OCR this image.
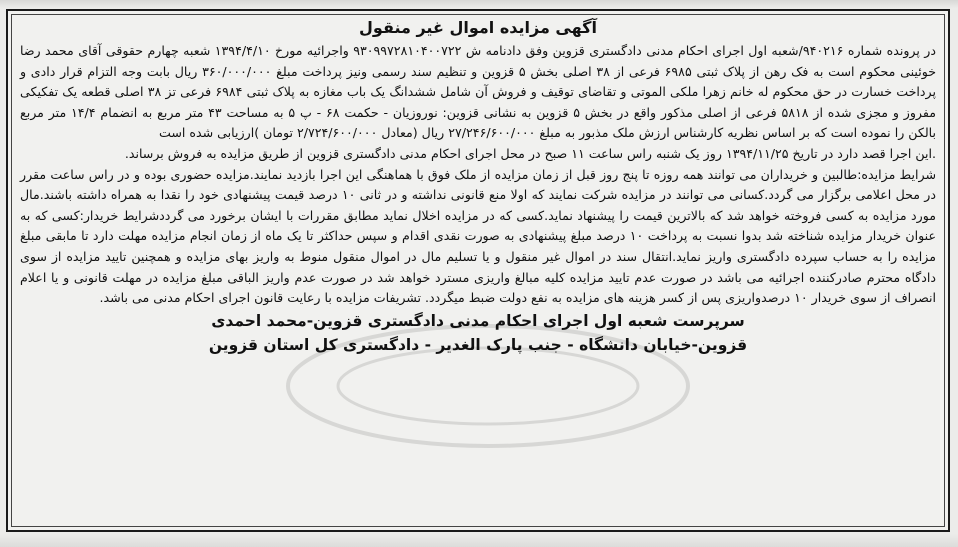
آگهی مزایده اموال غیر منقول

در پرونده شماره ۹۴۰۲۱۶/شعبه اول اجرای احکام مدنی دادگستری قزوین وفق دادنامه ش ۹۳۰۹۹۷۲۸۱۰۴۰۰۷۲۲ واجرائیه مورخ ۱۳۹۴/۴/۱۰ شعبه چهارم حقوقی آقای محمد رضا خوئینی محکوم است به فک رهن از پلاک ثبتی ۶۹۸۵ فرعی از ۳۸ اصلی بخش ۵ قزوین و تنظیم سند رسمی ونیز پرداخت مبلغ ۳۶۰/۰۰۰/۰۰۰ ریال بابت وجه التزام قرار دادی و پرداخت خسارت در حق محکوم له خانم زهرا ملکی الموتی و تقاضای توقیف و فروش آن شامل ششدانگ یک باب مغازه به پلاک ثبتی ۶۹۸۴ فرعی تز ۳۸ اصلی قطعه یک تفکیکی مفروز و مجزی شده از ۵۸۱۸ فرعی از اصلی مذکور واقع در بخش ۵ قزوین به نشانی قزوین: نوروزیان - حکمت ۶۸ - پ ۵ به مساحت ۴۳ متر مربع به انضمام ۱۴/۴ متر مربع بالکن را نموده است که بر اساس نظریه کارشناس ارزش ملک مذبور به مبلغ ۲۷/۲۴۶/۶۰۰/۰۰۰ ریال (معادل ۲/۷۲۴/۶۰۰/۰۰۰ تومان )ارزیابی شده است

.این اجرا قصد دارد در تاریخ ۱۳۹۴/۱۱/۲۵ روز یک شنبه راس ساعت ۱۱ صبح در محل اجرای احکام مدنی دادگستری قزوین از طریق مزایده به فروش برساند.

شرایط مزایده:طالبین و خریداران می توانند همه روزه تا پنج روز قبل از زمان مزایده از ملک فوق با هماهنگی این اجرا بازدید نمایند.مزایده حضوری بوده و در راس ساعت مقرر در محل اعلامی برگزار می گردد.کسانی می توانند در مزایده شرکت نمایند که اولا منع قانونی نداشته و در ثانی ۱۰ درصد قیمت پیشنهادی خود را نقدا به همراه داشته باشند.مال مورد مزایده به کسی فروخته خواهد شد که بالاترین قیمت را پیشنهاد نماید.کسی که در مزایده اخلال نماید مطابق مقررات با ایشان برخورد می گردد‌شرایط خریدار:کسی که به عنوان خریدار مزایده شناخته شد بدوا نسبت به پرداخت ۱۰ درصد مبلغ پیشنهادی به صورت نقدی اقدام و سپس حداکثر تا یک ماه از زمان انجام مزایده مهلت دارد تا مابقی مبلغ مزایده را به حساب سپرده دادگستری واریز نماید.انتقال سند در اموال غیر منقول و یا تسلیم مال در اموال منقول منوط به واریز بهای مزایده و همچنین تایید مزایده از سوی دادگاه محترم صادرکننده اجرائیه می باشد در صورت عدم تایید مزایده کلیه مبالغ واریزی مسترد خواهد شد در صورت عدم واریز الباقی مبلغ مزایده در مهلت قانونی و یا اعلام انصراف از سوی خریدار ۱۰ درصدواریزی پس از کسر هزینه های مزایده به نفع دولت ضبط میگردد. تشریفات مزایده با رعایت قانون اجرای احکام مدنی می باشد.

سرپرست شعبه اول اجرای احکام مدنی دادگستری قزوین-محمد احمدی
قزوین-خیابان دانشگاه - جنب پارک الغدیر - دادگستری کل استان قزوین
